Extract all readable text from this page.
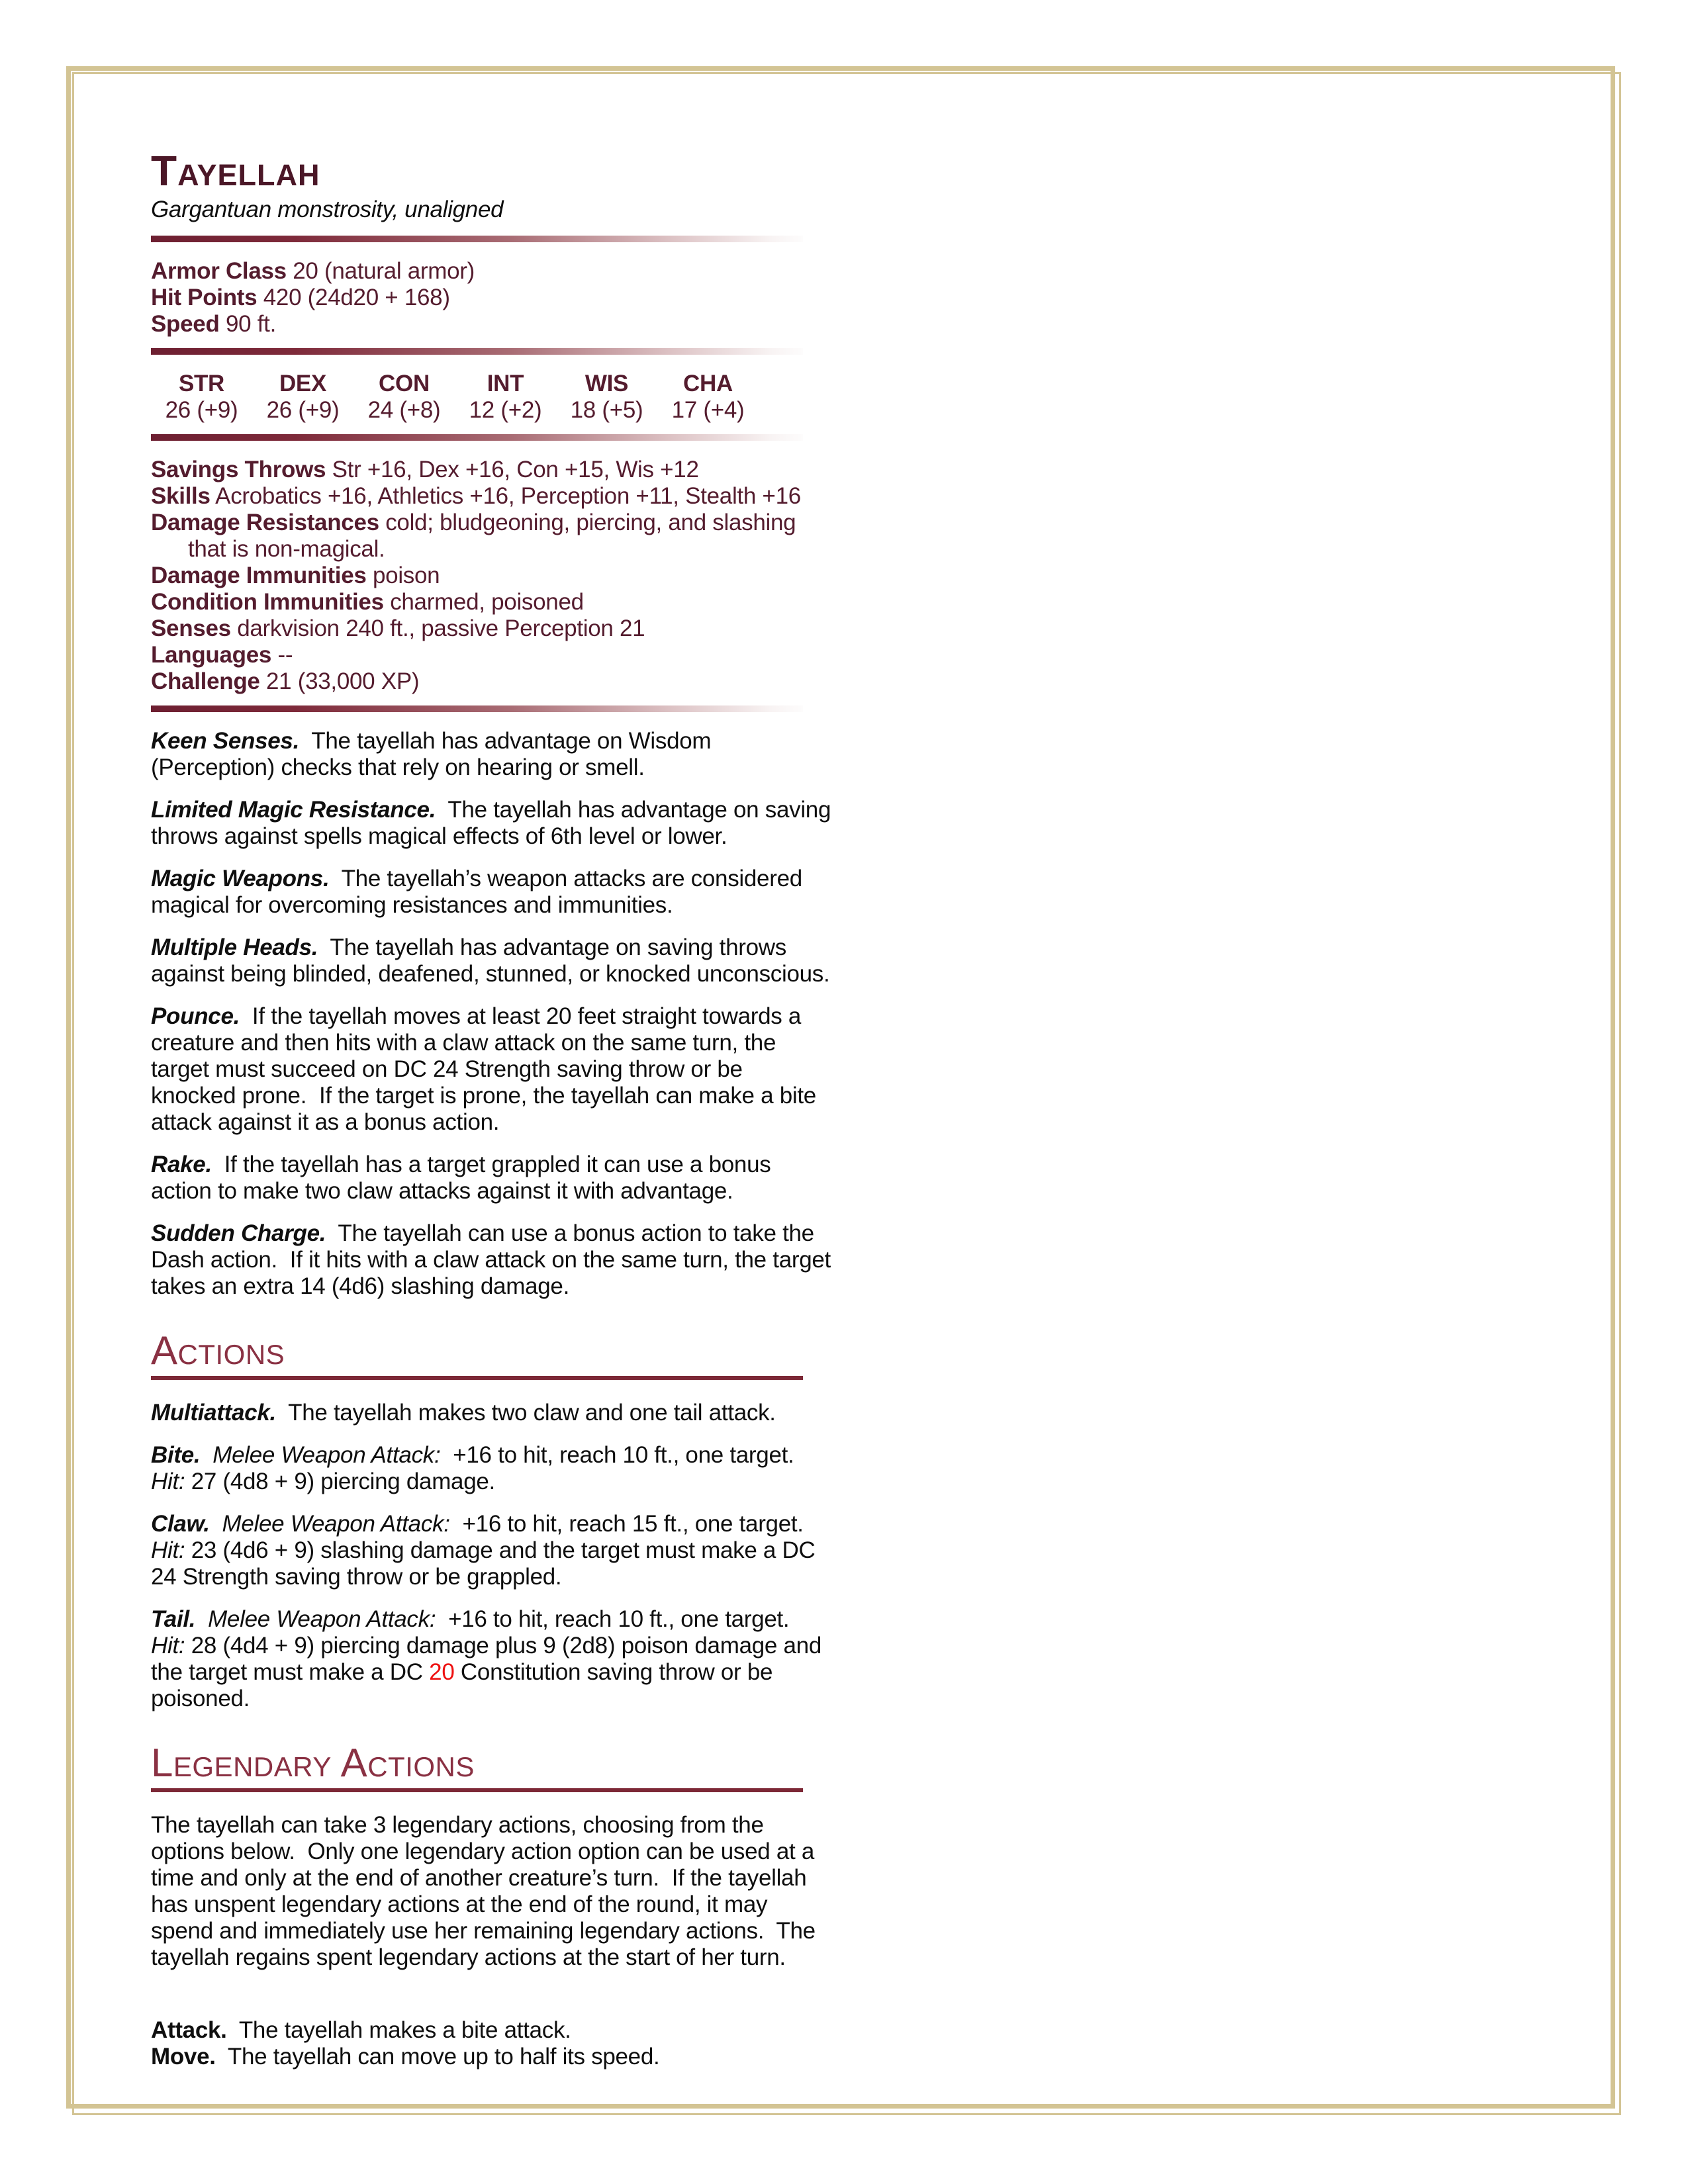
Tayellah
Gargantuan monstrosity, unaligned
Armor Class 20 (natural armor)
Hit Points 420 (24d20 + 168)
Speed 90 ft.
STR DEX CON INT	WIS CHA
26 (+9) 26 (+9) 24 (+8) 12 (+2) 18 (+5) 17 (+4)
Savings Throws Str +16, Dex +16, Con +15, Wis +12
Skills Acrobatics +16, Athletics +16, Perception +11, Stealth +16
Damage Resistances cold; bludgeoning, piercing, and slashing that is non-magical.
Damage Immunities poison
Condition Immunities charmed, poisoned
Senses darkvision 240 ft., passive Perception 21
Languages --
Challenge 21 (33,000 XP)

Keen Senses.  The tayellah has advantage on Wisdom (Perception) checks that rely on hearing or smell.

Limited Magic Resistance.  The tayellah has advantage on saving throws against spells magical effects of 6th level or lower.

Magic Weapons.  The tayellah’s weapon attacks are considered magical for overcoming resistances and immunities.

Multiple Heads.  The tayellah has advantage on saving throws against being blinded, deafened, stunned, or knocked unconscious.

Pounce.  If the tayellah moves at least 20 feet straight towards a creature and then hits with a claw attack on the same turn, the target must succeed on DC 24 Strength saving throw or be knocked prone.  If the target is prone, the tayellah can make a bite attack against it as a bonus action.

Rake.  If the tayellah has a target grappled it can use a bonus action to make two claw attacks against it with advantage.

Sudden Charge.  The tayellah can use a bonus action to take the Dash action.  If it hits with a claw attack on the same turn, the target takes an extra 14 (4d6) slashing damage.

Actions

Multiattack.  The tayellah makes two claw and one tail attack.

Bite.  Melee Weapon Attack:  +16 to hit, reach 10 ft., one target.  Hit: 27 (4d8 + 9) piercing damage.

Claw.  Melee Weapon Attack:  +16 to hit, reach 15 ft., one target.  Hit: 23 (4d6 + 9) slashing damage and the target must make a DC 24 Strength saving throw or be grappled.

Tail.  Melee Weapon Attack:  +16 to hit, reach 10 ft., one target.  Hit: 28 (4d4 + 9) piercing damage plus 9 (2d8) poison damage and the target must make a DC 20 Constitution saving throw or be poisoned.

Legendary Actions

The tayellah can take 3 legendary actions, choosing from the options below.  Only one legendary action option can be used at a time and only at the end of another creature’s turn.  If the tayellah has unspent legendary actions at the end of the round, it may spend and immediately use her remaining legendary actions.  The tayellah regains spent legendary actions at the start of her turn.

Attack.  The tayellah makes a bite attack.

Move.  The tayellah can move up to half its speed.
